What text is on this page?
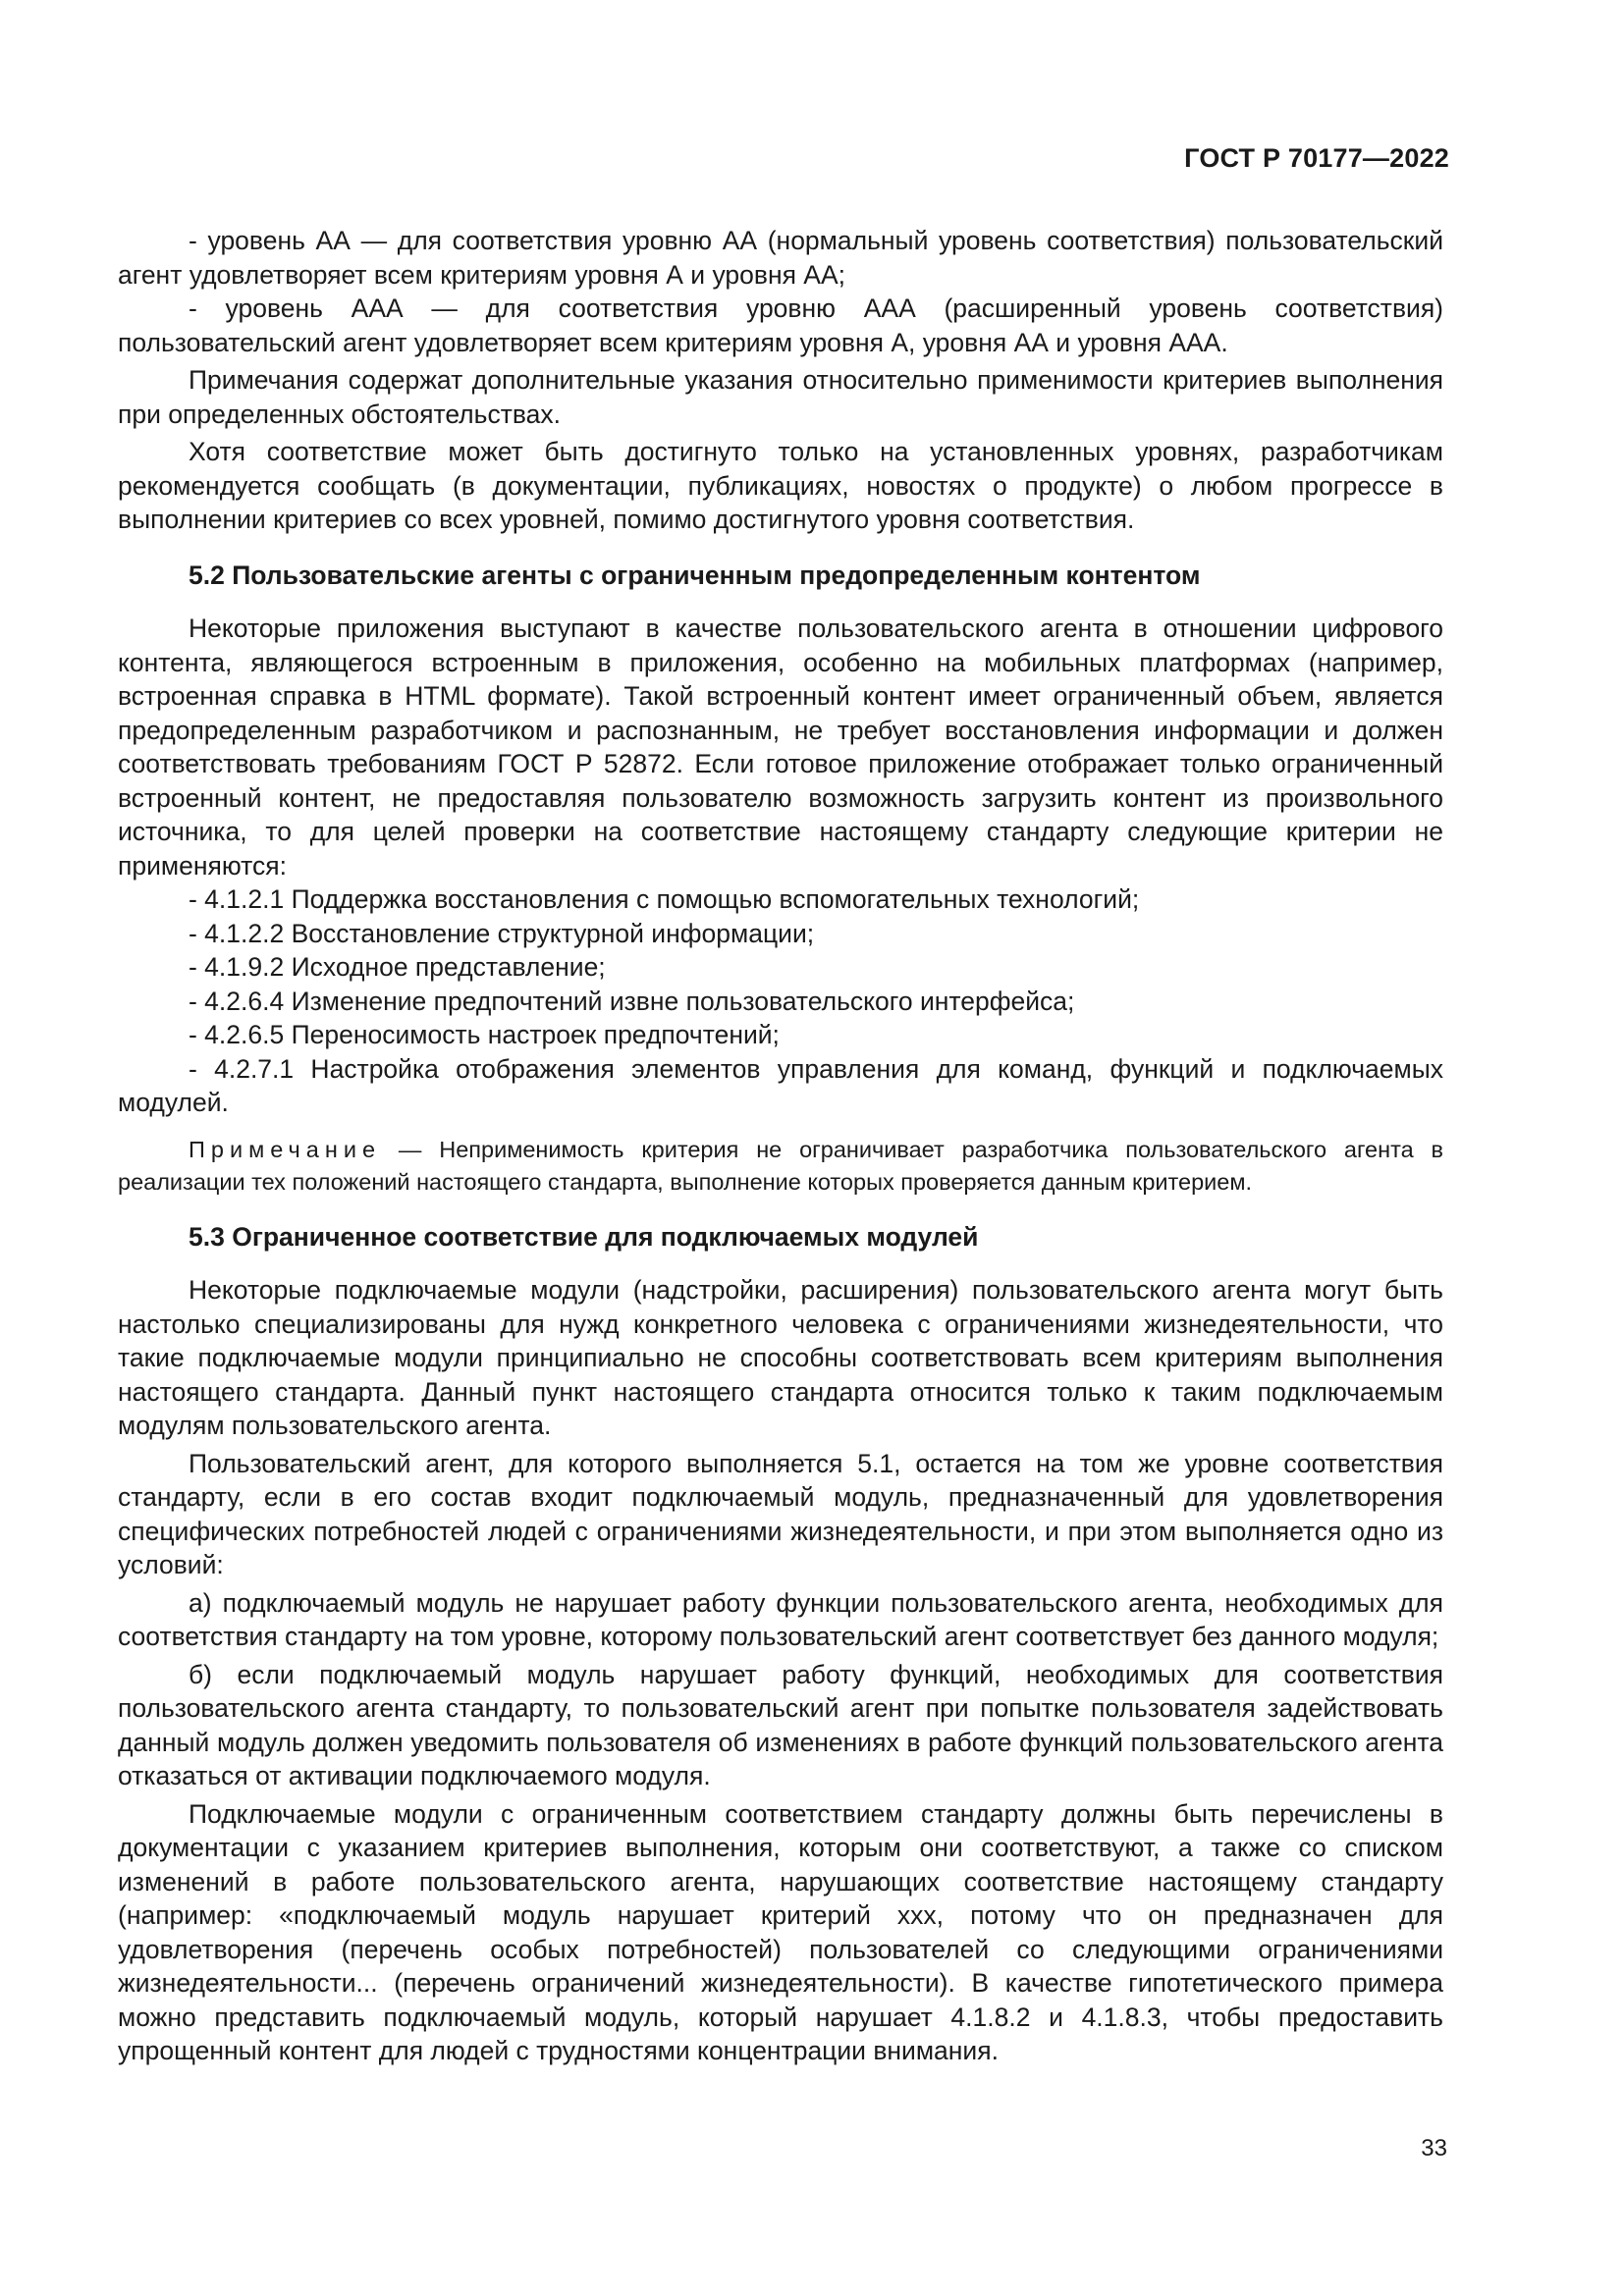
ГОСТ Р 70177—2022

- уровень АА — для соответствия уровню АА (нормальный уровень соответствия) пользовательский агент удовлетворяет всем критериям уровня А и уровня АА;

- уровень ААА — для соответствия уровню ААА (расширенный уровень соответствия) пользовательский агент удовлетворяет всем критериям уровня А, уровня АА и уровня ААА.

Примечания содержат дополнительные указания относительно применимости критериев выполнения при определенных обстоятельствах.

Хотя соответствие может быть достигнуто только на установленных уровнях, разработчикам рекомендуется сообщать (в документации, публикациях, новостях о продукте) о любом прогрессе в выполнении критериев со всех уровней, помимо достигнутого уровня соответствия.

5.2 Пользовательские агенты с ограниченным предопределенным контентом

Некоторые приложения выступают в качестве пользовательского агента в отношении цифрового контента, являющегося встроенным в приложения, особенно на мобильных платформах (например, встроенная справка в HTML формате). Такой встроенный контент имеет ограниченный объем, является предопределенным разработчиком и распознанным, не требует восстановления информации и должен соответствовать требованиям ГОСТ Р 52872. Если готовое приложение отображает только ограниченный встроенный контент, не предоставляя пользователю возможность загрузить контент из произвольного источника, то для целей проверки на соответствие настоящему стандарту следующие критерии не применяются:

- 4.1.2.1 Поддержка восстановления с помощью вспомогательных технологий;

- 4.1.2.2 Восстановление структурной информации;

- 4.1.9.2 Исходное представление;

- 4.2.6.4 Изменение предпочтений извне пользовательского интерфейса;

- 4.2.6.5 Переносимость настроек предпочтений;

- 4.2.7.1 Настройка отображения элементов управления для команд, функций и подключаемых модулей.

Примечание — Неприменимость критерия не ограничивает разработчика пользовательского агента в реализации тех положений настоящего стандарта, выполнение которых проверяется данным критерием.

5.3 Ограниченное соответствие для подключаемых модулей

Некоторые подключаемые модули (надстройки, расширения) пользовательского агента могут быть настолько специализированы для нужд конкретного человека с ограничениями жизнедеятельности, что такие подключаемые модули принципиально не способны соответствовать всем критериям выполнения настоящего стандарта. Данный пункт настоящего стандарта относится только к таким подключаемым модулям пользовательского агента.

Пользовательский агент, для которого выполняется 5.1, остается на том же уровне соответствия стандарту, если в его состав входит подключаемый модуль, предназначенный для удовлетворения специфических потребностей людей с ограничениями жизнедеятельности, и при этом выполняется одно из условий:

а) подключаемый модуль не нарушает работу функции пользовательского агента, необходимых для соответствия стандарту на том уровне, которому пользовательский агент соответствует без данного модуля;

б) если подключаемый модуль нарушает работу функций, необходимых для соответствия пользовательского агента стандарту, то пользовательский агент при попытке пользователя задействовать данный модуль должен уведомить пользователя об изменениях в работе функций пользовательского агента отказаться от активации подключаемого модуля.

Подключаемые модули с ограниченным соответствием стандарту должны быть перечислены в документации с указанием критериев выполнения, которым они соответствуют, а также со списком изменений в работе пользовательского агента, нарушающих соответствие настоящему стандарту (например: «подключаемый модуль нарушает критерий ххх, потому что он предназначен для удовлетворения (перечень особых потребностей) пользователей со следующими ограничениями жизнедеятельности... (перечень ограничений жизнедеятельности). В качестве гипотетического примера можно представить подключаемый модуль, который нарушает 4.1.8.2 и 4.1.8.3, чтобы предоставить упрощенный контент для людей с трудностями концентрации внимания.

33
